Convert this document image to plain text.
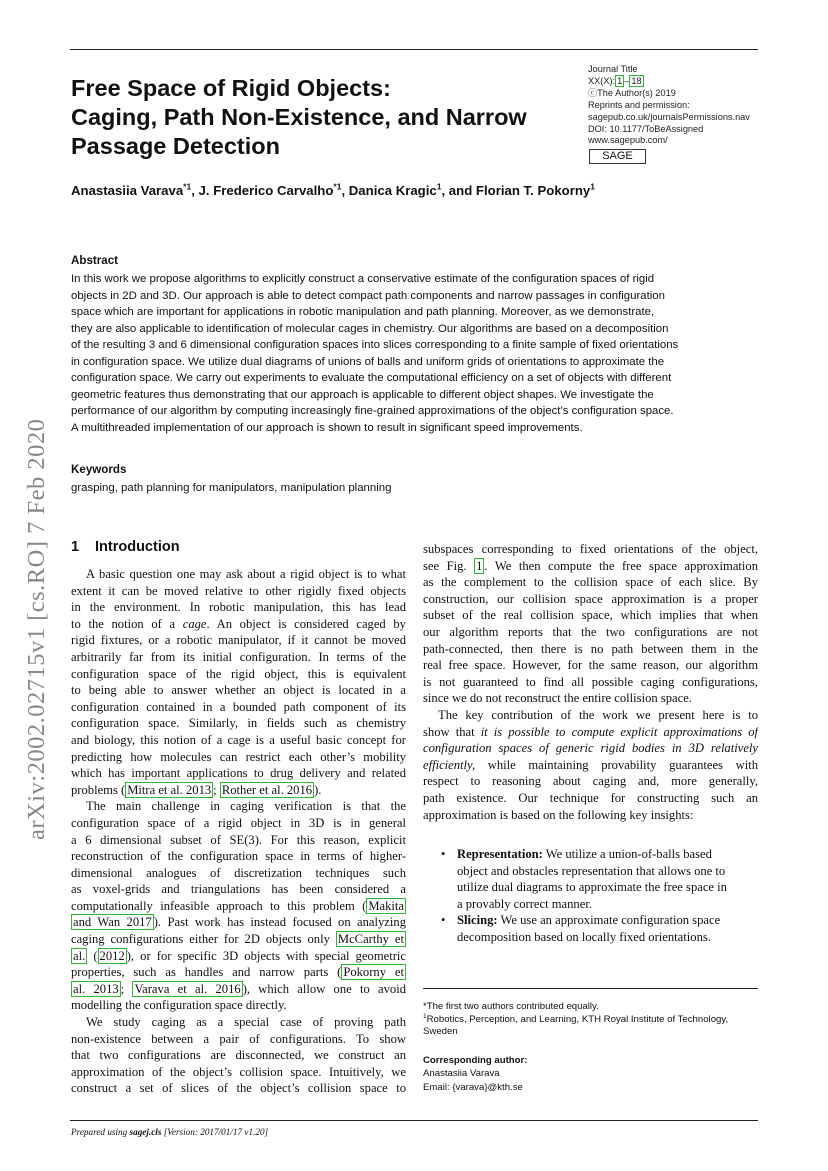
Free Space of Rigid Objects:
Caging, Path Non-Existence, and Narrow
Passage Detection
Journal Title
XX(X): 1 – 18
ⓒThe Author(s) 2019
Reprints and permission:
sagepub.co.uk/journalsPermissions.nav
DOI: 10.1177/ToBeAssigned
www.sagepub.com/
SAGE
Anastasiia Varava$^{*1}$, J. Frederico Carvalho$^{*1}$, Danica Kragic$^1$, and Florian T. Pokorny$^1$
Abstract
In this work we propose algorithms to explicitly construct a conservative estimate of the configuration spaces of rigid
objects in 2D and 3D. Our approach is able to detect compact path components and narrow passages in configuration
space which are important for applications in robotic manipulation and path planning. Moreover, as we demonstrate,
they are also applicable to identification of molecular cages in chemistry. Our algorithms are based on a decomposition
of the resulting 3 and 6 dimensional configuration spaces into slices corresponding to a finite sample of fixed orientations
in configuration space. We utilize dual diagrams of unions of balls and uniform grids of orientations to approximate the
configuration space. We carry out experiments to evaluate the computational efficiency on a set of objects with different
geometric features thus demonstrating that our approach is applicable to different object shapes. We investigate the
performance of our algorithm by computing increasingly fine-grained approximations of the object’s configuration space.
A multithreaded implementation of our approach is shown to result in significant speed improvements.
Keywords
grasping, path planning for manipulators, manipulation planning
arXiv:2002.02715v1 [cs.RO] 7 Feb 2020 1 Introduction
A basic question one may ask about a rigid object is to what
extent it can be moved relative to other rigidly fixed objects
in the environment. In robotic manipulation, this has lead
to the notion of a cage. An object is considered caged by
rigid fixtures, or a robotic manipulator, if it cannot be moved
arbitrarily far from its initial configuration. In terms of the
configuration space of the rigid object, this is equivalent
to being able to answer whether an object is located in a
configuration contained in a bounded path component of its
configuration space. Similarly, in fields such as chemistry
and biology, this notion of a cage is a useful basic concept for
predicting how molecules can restrict each other’s mobility
which has important applications to drug delivery and related
problems ( Mitra et al. 2013 ; Rother et al. 2016 ).
The main challenge in caging verification is that the
configuration space of a rigid object in 3D is in general
a 6 dimensional subset of SE(3). For this reason, explicit
reconstruction of the configuration space in terms of higher-
dimensional analogues of discretization techniques such
as voxel-grids and triangulations has been considered a
computationally infeasible approach to this problem ( Makita
and Wan 2017 ). Past work has instead focused on analyzing
caging configurations either for 2D objects only McCarthy et
al. ( 2012 ), or for specific 3D objects with special geometric
properties, such as handles and narrow parts ( Pokorny et
al. 2013 ; Varava et al. 2016 ), which allow one to avoid
modelling the configuration space directly.
We study caging as a special case of proving path
non-existence between a pair of configurations. To show
that two configurations are disconnected, we construct an
approximation of the object’s collision space. Intuitively, we
construct a set of slices of the object’s collision space to
subspaces corresponding to fixed orientations of the object,
see Fig. 1 . We then compute the free space approximation
as the complement to the collision space of each slice. By
construction, our collision space approximation is a proper
subset of the real collision space, which implies that when
our algorithm reports that the two configurations are not
path-connected, then there is no path between them in the
real free space. However, for the same reason, our algorithm
is not guaranteed to find all possible caging configurations,
since we do not reconstruct the entire collision space.
The key contribution of the work we present here is to
show that it is possible to compute explicit approximations of
configuration spaces of generic rigid bodies in 3D relatively
efficiently, while maintaining provability guarantees with
respect to reasoning about caging and, more generally,
path existence. Our technique for constructing such an
approximation is based on the following key insights:
• Representation: We utilize a union-of-balls based
object and obstacles representation that allows one to
utilize dual diagrams to approximate the free space in
a provably correct manner.
• Slicing: We use an approximate configuration space
decomposition based on locally fixed orientations.
*The first two authors contributed equally.
$^1$Robotics, Perception, and Learning, KTH Royal Institute of Technology,
Sweden
Corresponding author:
Anastasiia Varava
Email: {varava}@kth.se
Prepared using sagej.cls [Version: 2017/01/17 v1.20]
